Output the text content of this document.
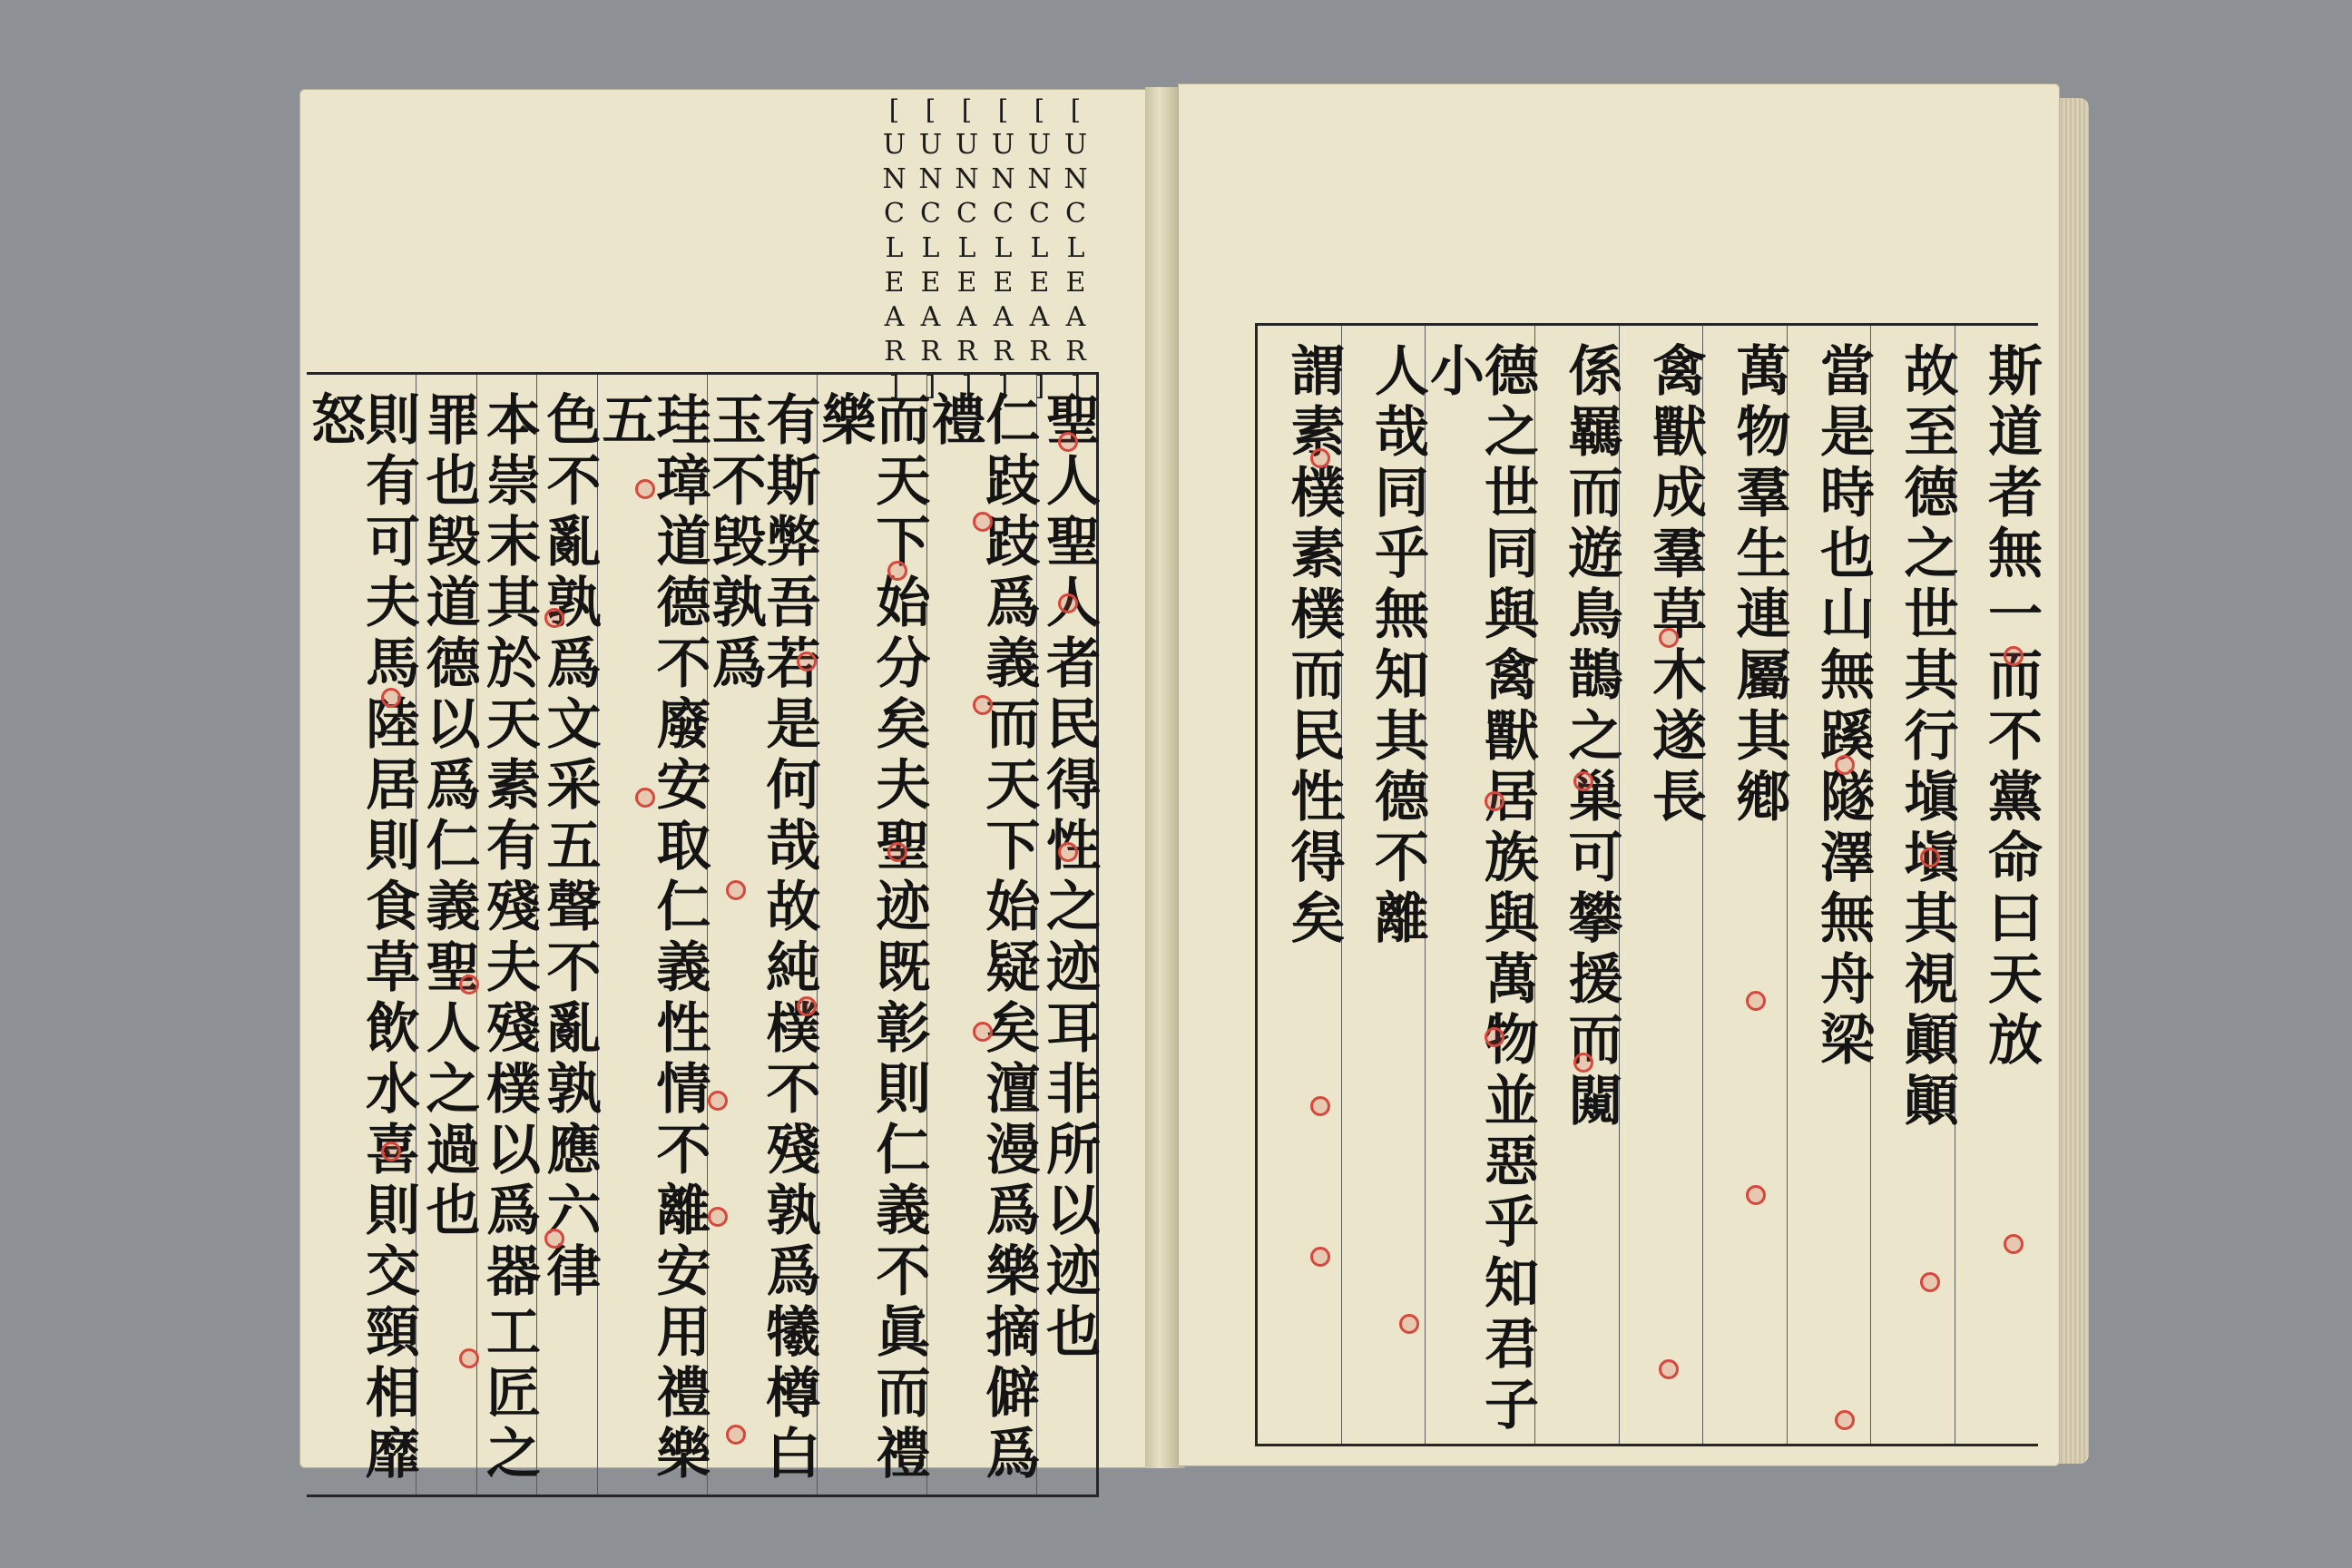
[UNCLEAR]
[UNCLEAR]
[UNCLEAR]
[UNCLEAR]
[UNCLEAR]
[UNCLEAR]
聖人聖人者民得性之迹耳非所以迹也
仁跂跂爲義而天下始疑矣澶漫爲樂摘僻爲禮
而天下始分矣夫聖迹既彰則仁義不眞而禮樂
有斯弊吾若是何哉故純樸不殘孰爲犧樽白玉不毁孰爲
珪璋道德不廢安取仁義性情不離安用禮樂五
色不亂孰爲文采五聲不亂孰應六律
本崇末其於天素有殘夫殘樸以爲器工匠之
罪也毁道德以爲仁義聖人之過也
則有可夫馬陸居則食草飲水喜則交頸相靡怒	斯道者無一而不黨命曰天放
故至德之世其行塡塡其視顚顚
當是時也山無蹊隧澤無舟梁
萬物羣生連屬其鄕
禽獸成羣草木遂長
係羈而遊鳥鵲之巢可攀援而闚
德之世同與禽獸居族與萬物並惡乎知君子小
人哉同乎無知其德不離
謂素樸素樸而民性得矣
